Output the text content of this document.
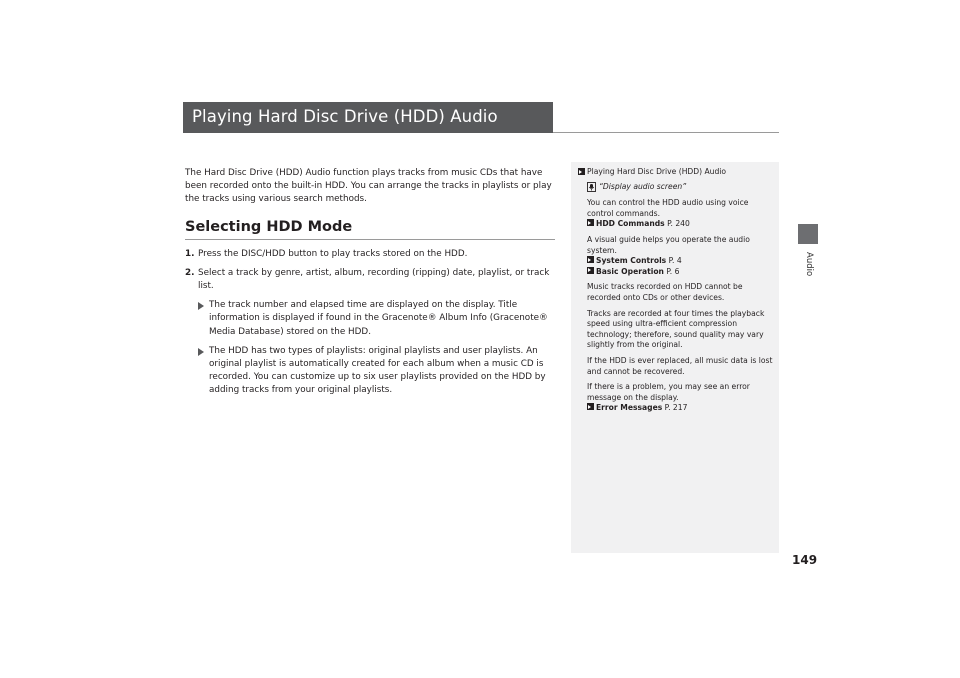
Playing Hard Disc Drive (HDD) Audio
Audio

The Hard Disc Drive (HDD) Audio function plays tracks from music CDs that have been recorded onto the built-in HDD. You can arrange the tracks in playlists or play the tracks using various search methods.

Selecting HDD Mode
1. Press the DISC/HDD button to play tracks stored on the HDD.
2. Select a track by genre, artist, album, recording (ripping) date, playlist, or track list.
The track number and elapsed time are displayed on the display. Title information is displayed if found in the Gracenote® Album Info (Gracenote® Media Database) stored on the HDD.
The HDD has two types of playlists: original playlists and user playlists. An original playlist is automatically created for each album when a music CD is recorded. You can customize up to six user playlists provided on the HDD by adding tracks from your original playlists.
Playing Hard Disc Drive (HDD) Audio
“Display audio screen”
You can control the HDD audio using voice control commands.
HDD Commands P. 240
A visual guide helps you operate the audio system.
System Controls P. 4
Basic Operation P. 6
Music tracks recorded on HDD cannot be recorded onto CDs or other devices.
Tracks are recorded at four times the playback speed using ultra-efficient compression technology; therefore, sound quality may vary slightly from the original.
If the HDD is ever replaced, all music data is lost and cannot be recovered.
If there is a problem, you may see an error message on the display.
Error Messages P. 217
149
